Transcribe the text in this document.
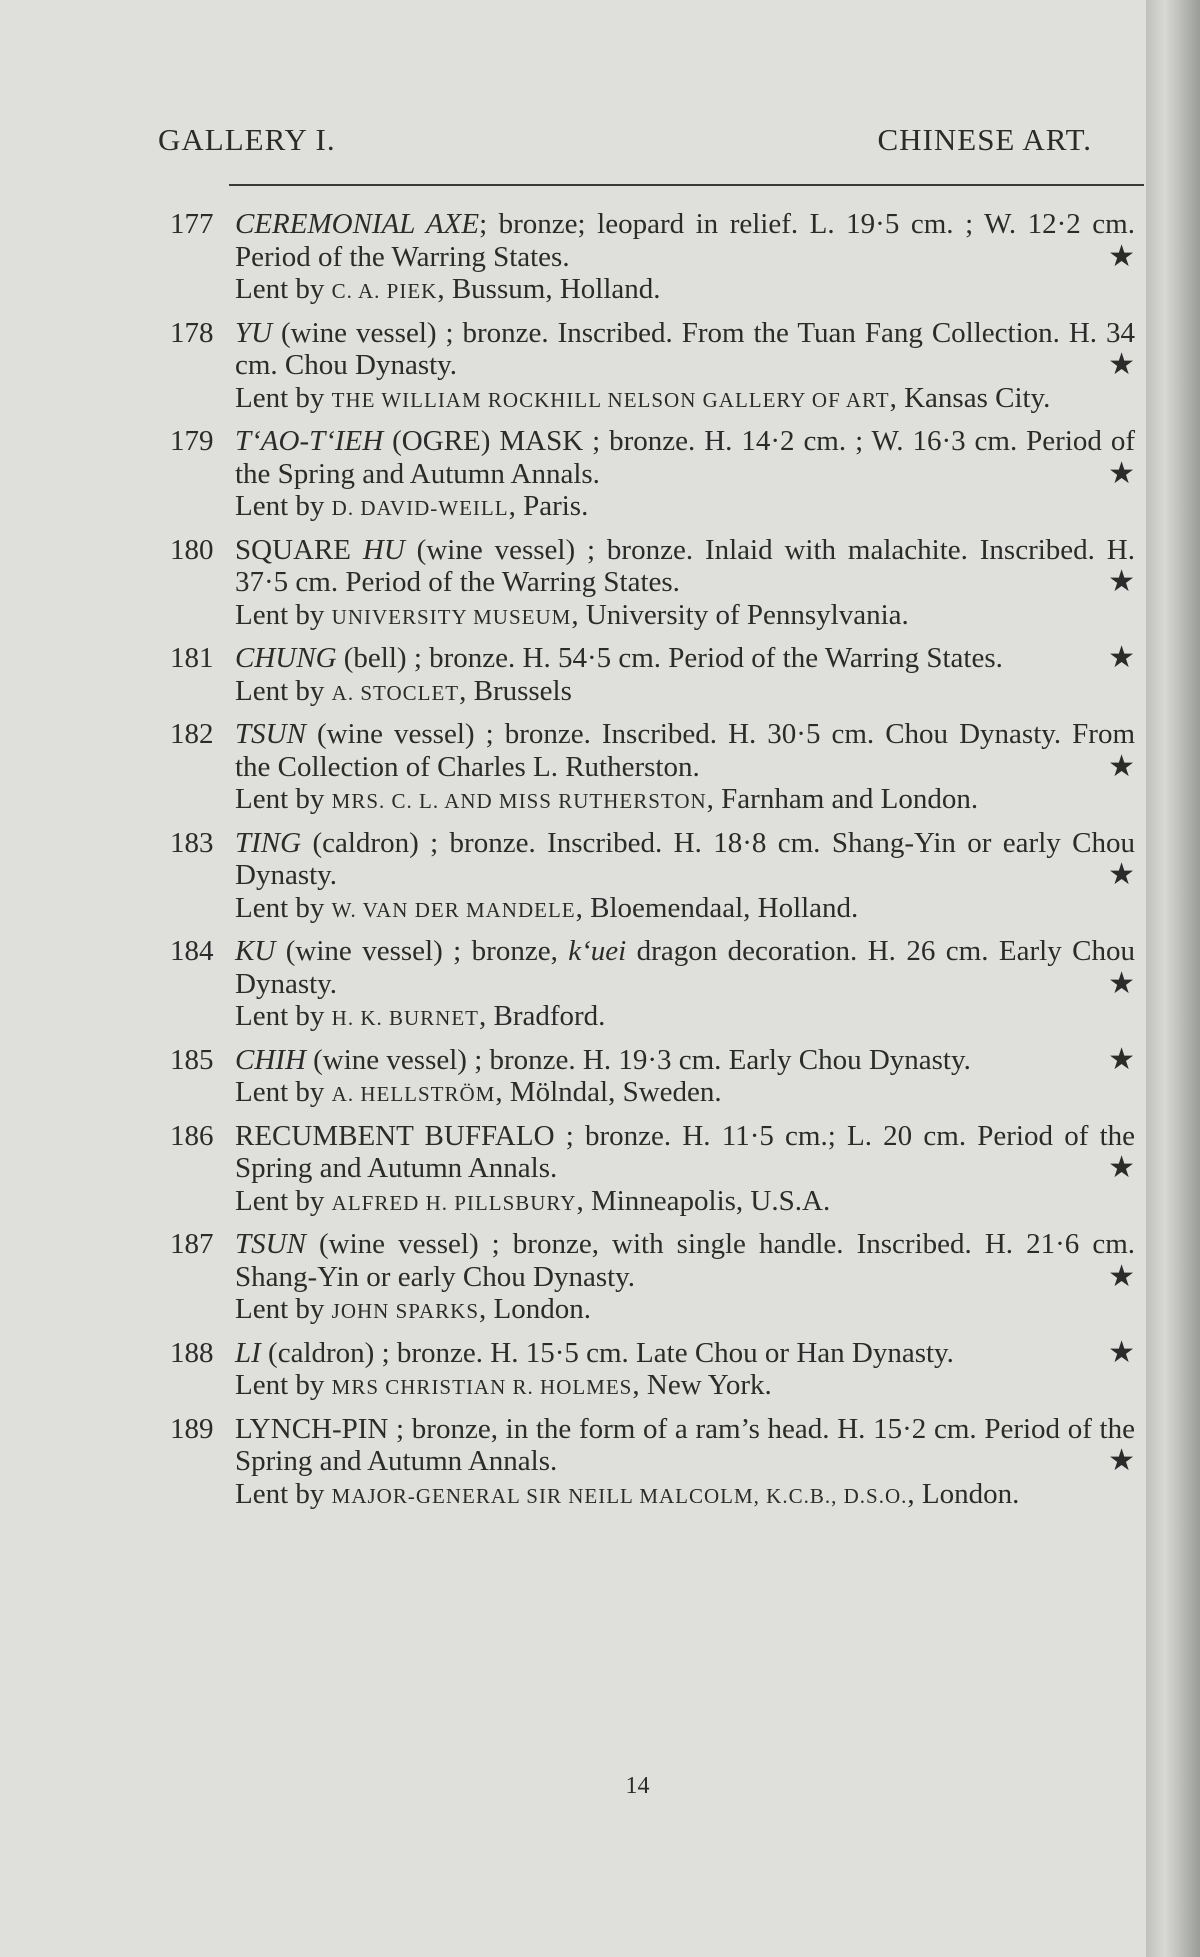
GALLERY I.	CHINESE ART.
177 CEREMONIAL AXE; bronze; leopard in relief. L. 19·5 cm. ; W. 12·2 cm. Period of the Warring States.	★
Lent by C. A. PIEK, Bussum, Holland.
178 YU (wine vessel) ; bronze. Inscribed. From the Tuan Fang Collection. H. 34 cm. Chou Dynasty.	★
Lent by THE WILLIAM ROCKHILL NELSON GALLERY OF ART, Kansas City.
179 T‘AO-T‘IEH (OGRE) MASK ; bronze. H. 14·2 cm. ; W. 16·3 cm. Period of the Spring and Autumn Annals.	★
Lent by D. DAVID-WEILL, Paris.
180 SQUARE HU (wine vessel) ; bronze. Inlaid with malachite. Inscribed. H. 37·5 cm. Period of the Warring States.	★
Lent by UNIVERSITY MUSEUM, University of Pennsylvania.
181 CHUNG (bell) ; bronze. H. 54·5 cm. Period of the Warring States.	★
Lent by A. STOCLET, Brussels
182 TSUN (wine vessel) ; bronze. Inscribed. H. 30·5 cm. Chou Dynasty. From the Collection of Charles L. Rutherston.	★
Lent by MRS. C. L. AND MISS RUTHERSTON, Farnham and London.
183 TING (caldron) ; bronze. Inscribed. H. 18·8 cm. Shang-Yin or early Chou Dynasty.	★
Lent by W. VAN DER MANDELE, Bloemendaal, Holland.
184 KU (wine vessel) ; bronze, k‘uei dragon decoration. H. 26 cm. Early Chou Dynasty.	★
Lent by H. K. BURNET, Bradford.
185 CHIH (wine vessel) ; bronze. H. 19·3 cm. Early Chou Dynasty.	★
Lent by A. HELLSTRÖM, Mölndal, Sweden.
186 RECUMBENT BUFFALO ; bronze. H. 11·5 cm.; L. 20 cm. Period of the Spring and Autumn Annals.	★
Lent by ALFRED H. PILLSBURY, Minneapolis, U.S.A.
187 TSUN (wine vessel) ; bronze, with single handle. Inscribed. H. 21·6 cm. Shang-Yin or early Chou Dynasty.	★
Lent by JOHN SPARKS, London.
188 LI (caldron) ; bronze. H. 15·5 cm. Late Chou or Han Dynasty.	★
Lent by MRS CHRISTIAN R. HOLMES, New York.
189 LYNCH-PIN ; bronze, in the form of a ram’s head. H. 15·2 cm. Period of the Spring and Autumn Annals.	★
Lent by MAJOR-GENERAL SIR NEILL MALCOLM, K.C.B., D.S.O., London.
14
